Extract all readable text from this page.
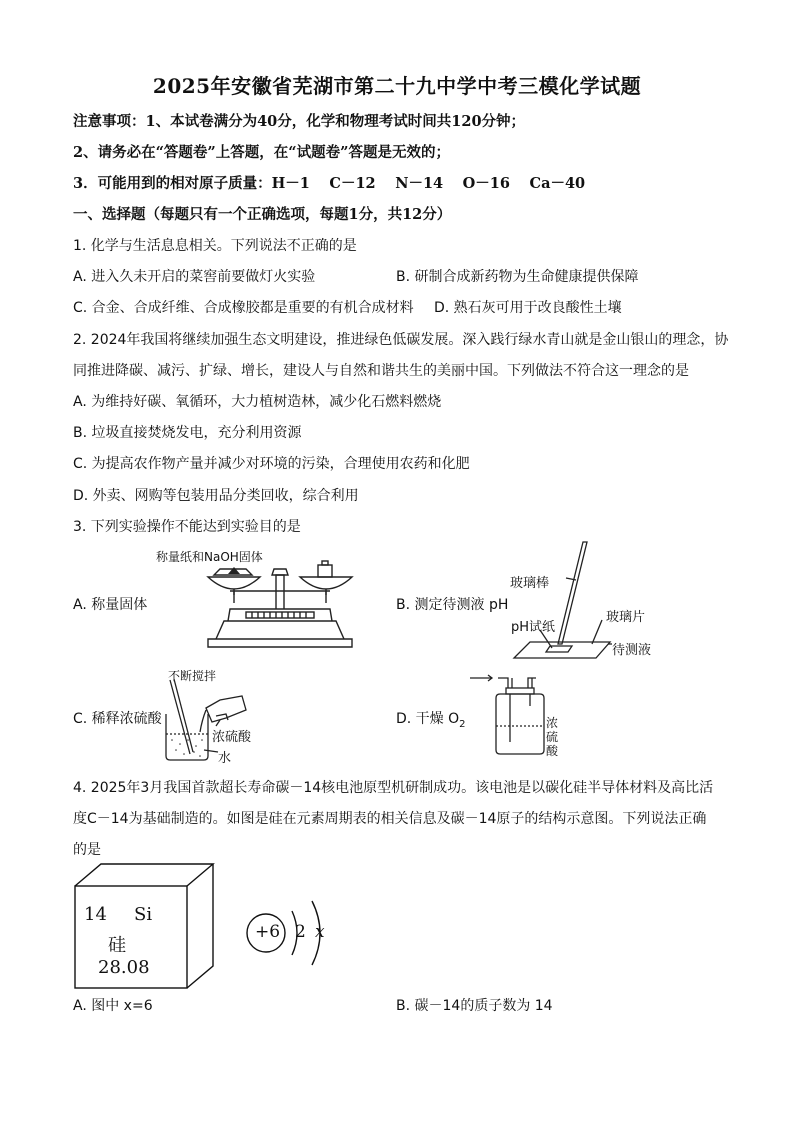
2025年安徽省芜湖市第二十九中学中考三模化学试题
注意事项：1、本试卷满分为40分，化学和物理考试时间共120分钟；
2、请务必在“答题卷”上答题，在“试题卷”答题是无效的；
3．可能用到的相对原子质量：H－1　 C－12　 N－14　 O－16　 Ca－40
一、选择题（每题只有一个正确选项，每题1分，共12分）
1. 化学与生活息息相关。下列说法不正确的是
A. 进入久未开启的菜窖前要做灯火实验	B. 研制合成新药物为生命健康提供保障
C. 合金、合成纤维、合成橡胶都是重要的有机合成材料 D. 熟石灰可用于改良酸性土壤
2. 2024年我国将继续加强生态文明建设，推进绿色低碳发展。深入践行绿水青山就是金山银山的理念，协
同推进降碳、减污、扩绿、增长，建设人与自然和谐共生的美丽中国。下列做法不符合这一理念的是
A. 为维持好碳、氧循环，大力植树造林，减少化石燃料燃烧
B. 垃圾直接焚烧发电，充分利用资源
C. 为提高农作物产量并减少对环境的污染，合理使用农药和化肥
D. 外卖、网购等包装用品分类回收，综合利用
3. 下列实验操作不能达到实验目的是
A. 称量固体	B. 测定待测液 pH
C. 稀释浓硫酸	D. 干燥 $O_2$
称量纸和NaOH固体
玻璃棒
pH试纸
玻璃片
待测液
不断搅拌
浓硫酸
水
浓
硫
酸
4. 2025年3月我国首款超长寿命碳－14核电池原型机研制成功。该电池是以碳化硅半导体材料及高比活
度C－14为基础制造的。如图是硅在元素周期表的相关信息及碳－14原子的结构示意图。下列说法正确
的是
14 Si
硅
28.08
+6 2 x
A. 图中 x=6	B. 碳－14的质子数为 14
